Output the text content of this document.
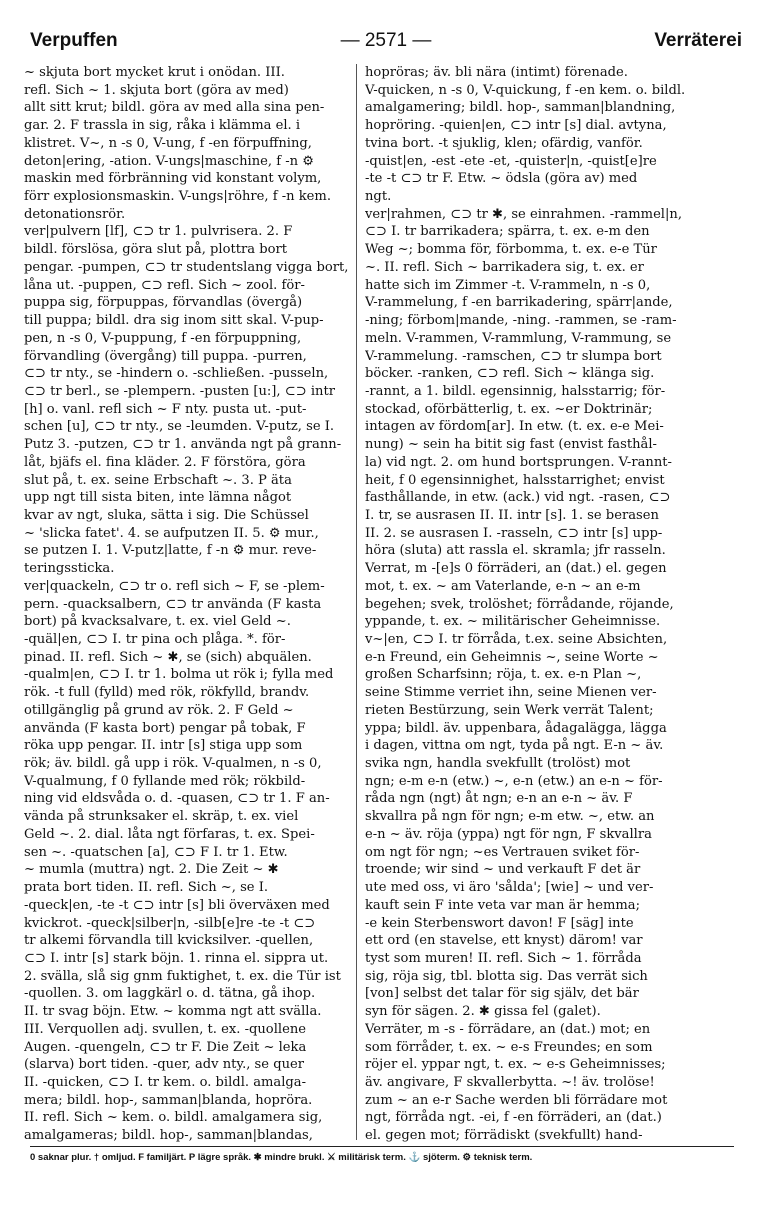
Verpuffen	— 2571 —	Verräterei
~ skjuta bort mycket krut i onödan. III.
refl. Sich ~ 1. skjuta bort (göra av med)
allt sitt krut; bildl. göra av med alla sina pen-
gar. 2. F trassla in sig, råka i klämma el. i
klistret. V~, n -s 0, V-ung, f -en förpuffning,
deton|ering, -ation. V-ungs|maschine, f -n ⚙
maskin med förbränning vid konstant volym,
förr explosionsmaskin. V-ungs|röhre, f -n kem.
detonationsrör.
ver|pulvern [lf], ⊂⊃ tr 1. pulvrisera. 2. F
bildl. förslösa, göra slut på, plottra bort
pengar. -pumpen, ⊂⊃ tr studentslang vigga bort,
låna ut. -puppen, ⊂⊃ refl. Sich ~ zool. för-
puppa sig, förpuppas, förvandlas (övergå)
till puppa; bildl. dra sig inom sitt skal. V-pup-
pen, n -s 0, V-puppung, f -en förpuppning,
förvandling (övergång) till puppa. -purren,
⊂⊃ tr nty., se -hindern o. -schließen. -pusseln,
⊂⊃ tr berl., se -plempern. -pusten [u:], ⊂⊃ intr
[h] o. vanl. refl sich ~ F nty. pusta ut. -put-
schen [u], ⊂⊃ tr nty., se -leumden. V-putz, se I.
Putz 3. -putzen, ⊂⊃ tr 1. använda ngt på grann-
låt, bjäfs el. fina kläder. 2. F förstöra, göra
slut på, t. ex. seine Erbschaft ~. 3. P äta
upp ngt till sista biten, inte lämna något
kvar av ngt, sluka, sätta i sig. Die Schüssel
~ 'slicka fatet'. 4. se aufputzen II. 5. ⚙ mur.,
se putzen I. 1. V-putz|latte, f -n ⚙ mur. reve-
teringssticka.
ver|quackeln, ⊂⊃ tr o. refl sich ~ F, se -plem-
pern. -quacksalbern, ⊂⊃ tr använda (F kasta
bort) på kvacksalvare, t. ex. viel Geld ~.
-quäl|en, ⊂⊃ I. tr pina och plåga. *. för-
pinad. II. refl. Sich ~ ✱, se (sich) abquälen.
-qualm|en, ⊂⊃ I. tr 1. bolma ut rök i; fylla med
rök. -t full (fylld) med rök, rökfylld, brandv.
otillgänglig på grund av rök. 2. F Geld ~
använda (F kasta bort) pengar på tobak, F
röka upp pengar. II. intr [s] stiga upp som
rök; äv. bildl. gå upp i rök. V-qualmen, n -s 0,
V-qualmung, f 0 fyllande med rök; rökbild-
ning vid eldsvåda o. d. -quasen, ⊂⊃ tr 1. F an-
vända på strunksaker el. skräp, t. ex. viel
Geld ~. 2. dial. låta ngt förfaras, t. ex. Spei-
sen ~. -quatschen [a], ⊂⊃ F I. tr 1. Etw.
~ mumla (muttra) ngt. 2. Die Zeit ~ ✱
prata bort tiden. II. refl. Sich ~, se I.
-queck|en, -te -t ⊂⊃ intr [s] bli överväxen med
kvickrot. -queck|silber|n, -silb[e]re -te -t ⊂⊃
tr alkemi förvandla till kvicksilver. -quellen,
⊂⊃ I. intr [s] stark böjn. 1. rinna el. sippra ut.
2. svälla, slå sig gnm fuktighet, t. ex. die Tür ist
-quollen. 3. om laggkärl o. d. tätna, gå ihop.
II. tr svag böjn. Etw. ~ komma ngt att svälla.
III. Verquollen adj. svullen, t. ex. -quollene
Augen. -quengeln, ⊂⊃ tr F. Die Zeit ~ leka
(slarva) bort tiden. -quer, adv nty., se quer
II. -quicken, ⊂⊃ I. tr kem. o. bildl. amalga-
mera; bildl. hop-, samman|blanda, hopröra.
II. refl. Sich ~ kem. o. bildl. amalgamera sig,
amalgameras; bildl. hop-, samman|blandas,
hopröras; äv. bli nära (intimt) förenade.
V-quicken, n -s 0, V-quickung, f -en kem. o. bildl.
amalgamering; bildl. hop-, samman|blandning,
hopröring. -quien|en, ⊂⊃ intr [s] dial. avtyna,
tvina bort. -t sjuklig, klen; ofärdig, vanför.
-quist|en, -est -ete -et, -quister|n, -quist[e]re
-te -t ⊂⊃ tr F. Etw. ~ ödsla (göra av) med
ngt.
ver|rahmen, ⊂⊃ tr ✱, se einrahmen. -rammel|n,
⊂⊃ I. tr barrikadera; spärra, t. ex. e-m den
Weg ~; bomma för, förbomma, t. ex. e-e Tür
~. II. refl. Sich ~ barrikadera sig, t. ex. er
hatte sich im Zimmer -t. V-rammeln, n -s 0,
V-rammelung, f -en barrikadering, spärr|ande,
-ning; förbom|mande, -ning. -rammen, se -ram-
meln. V-rammen, V-rammlung, V-rammung, se
V-rammelung. -ramschen, ⊂⊃ tr slumpa bort
böcker. -ranken, ⊂⊃ refl. Sich ~ klänga sig.
-rannt, a 1. bildl. egensinnig, halsstarrig; för-
stockad, oförbätterlig, t. ex. ~er Doktrinär;
intagen av fördom[ar]. In etw. (t. ex. e-e Mei-
nung) ~ sein ha bitit sig fast (envist fasthål-
la) vid ngt. 2. om hund bortsprungen. V-rannt-
heit, f 0 egensinnighet, halsstarrighet; envist
fasthållande, in etw. (ack.) vid ngt. -rasen, ⊂⊃
I. tr, se ausrasen II. II. intr [s]. 1. se berasen
II. 2. se ausrasen I. -rasseln, ⊂⊃ intr [s] upp-
höra (sluta) att rassla el. skramla; jfr rasseln.
Verrat, m -[e]s 0 förräderi, an (dat.) el. gegen
mot, t. ex. ~ am Vaterlande, e-n ~ an e-m
begehen; svek, trolöshet; förrådande, röjande,
yppande, t. ex. ~ militärischer Geheimnisse.
v~|en, ⊂⊃ I. tr förråda, t.ex. seine Absichten,
e-n Freund, ein Geheimnis ~, seine Worte ~
großen Scharfsinn; röja, t. ex. e-n Plan ~,
seine Stimme verriet ihn, seine Mienen ver-
rieten Bestürzung, sein Werk verrät Talent;
yppa; bildl. äv. uppenbara, ådagalägga, lägga
i dagen, vittna om ngt, tyda på ngt. E-n ~ äv.
svika ngn, handla svekfullt (trolöst) mot
ngn; e-m e-n (etw.) ~, e-n (etw.) an e-n ~ för-
råda ngn (ngt) åt ngn; e-n an e-n ~ äv. F
skvallra på ngn för ngn; e-m etw. ~, etw. an
e-n ~ äv. röja (yppa) ngt för ngn, F skvallra
om ngt för ngn; ~es Vertrauen sviket för-
troende; wir sind ~ und verkauft F det är
ute med oss, vi äro 'sålda'; [wie] ~ und ver-
kauft sein F inte veta var man är hemma;
-e kein Sterbenswort davon! F [säg] inte
ett ord (en stavelse, ett knyst) därom! var
tyst som muren! II. refl. Sich ~ 1. förråda
sig, röja sig, tbl. blotta sig. Das verrät sich
[von] selbst det talar för sig själv, det bär
syn för sägen. 2. ✱ gissa fel (galet).
Verräter, m -s - förrädare, an (dat.) mot; en
som förråder, t. ex. ~ e-s Freundes; en som
röjer el. yppar ngt, t. ex. ~ e-s Geheimnisses;
äv. angivare, F skvallerbytta. ~! äv. trolöse!
zum ~ an e-r Sache werden bli förrädare mot
ngt, förråda ngt. -ei, f -en förräderi, an (dat.)
el. gegen mot; förrädiskt (svekfullt) hand-
0 saknar plur. † omljud. F familjärt. P lägre språk. ✱ mindre brukl. ⚔ militärisk term. ⚓ sjöterm. ⚙ teknisk term.
